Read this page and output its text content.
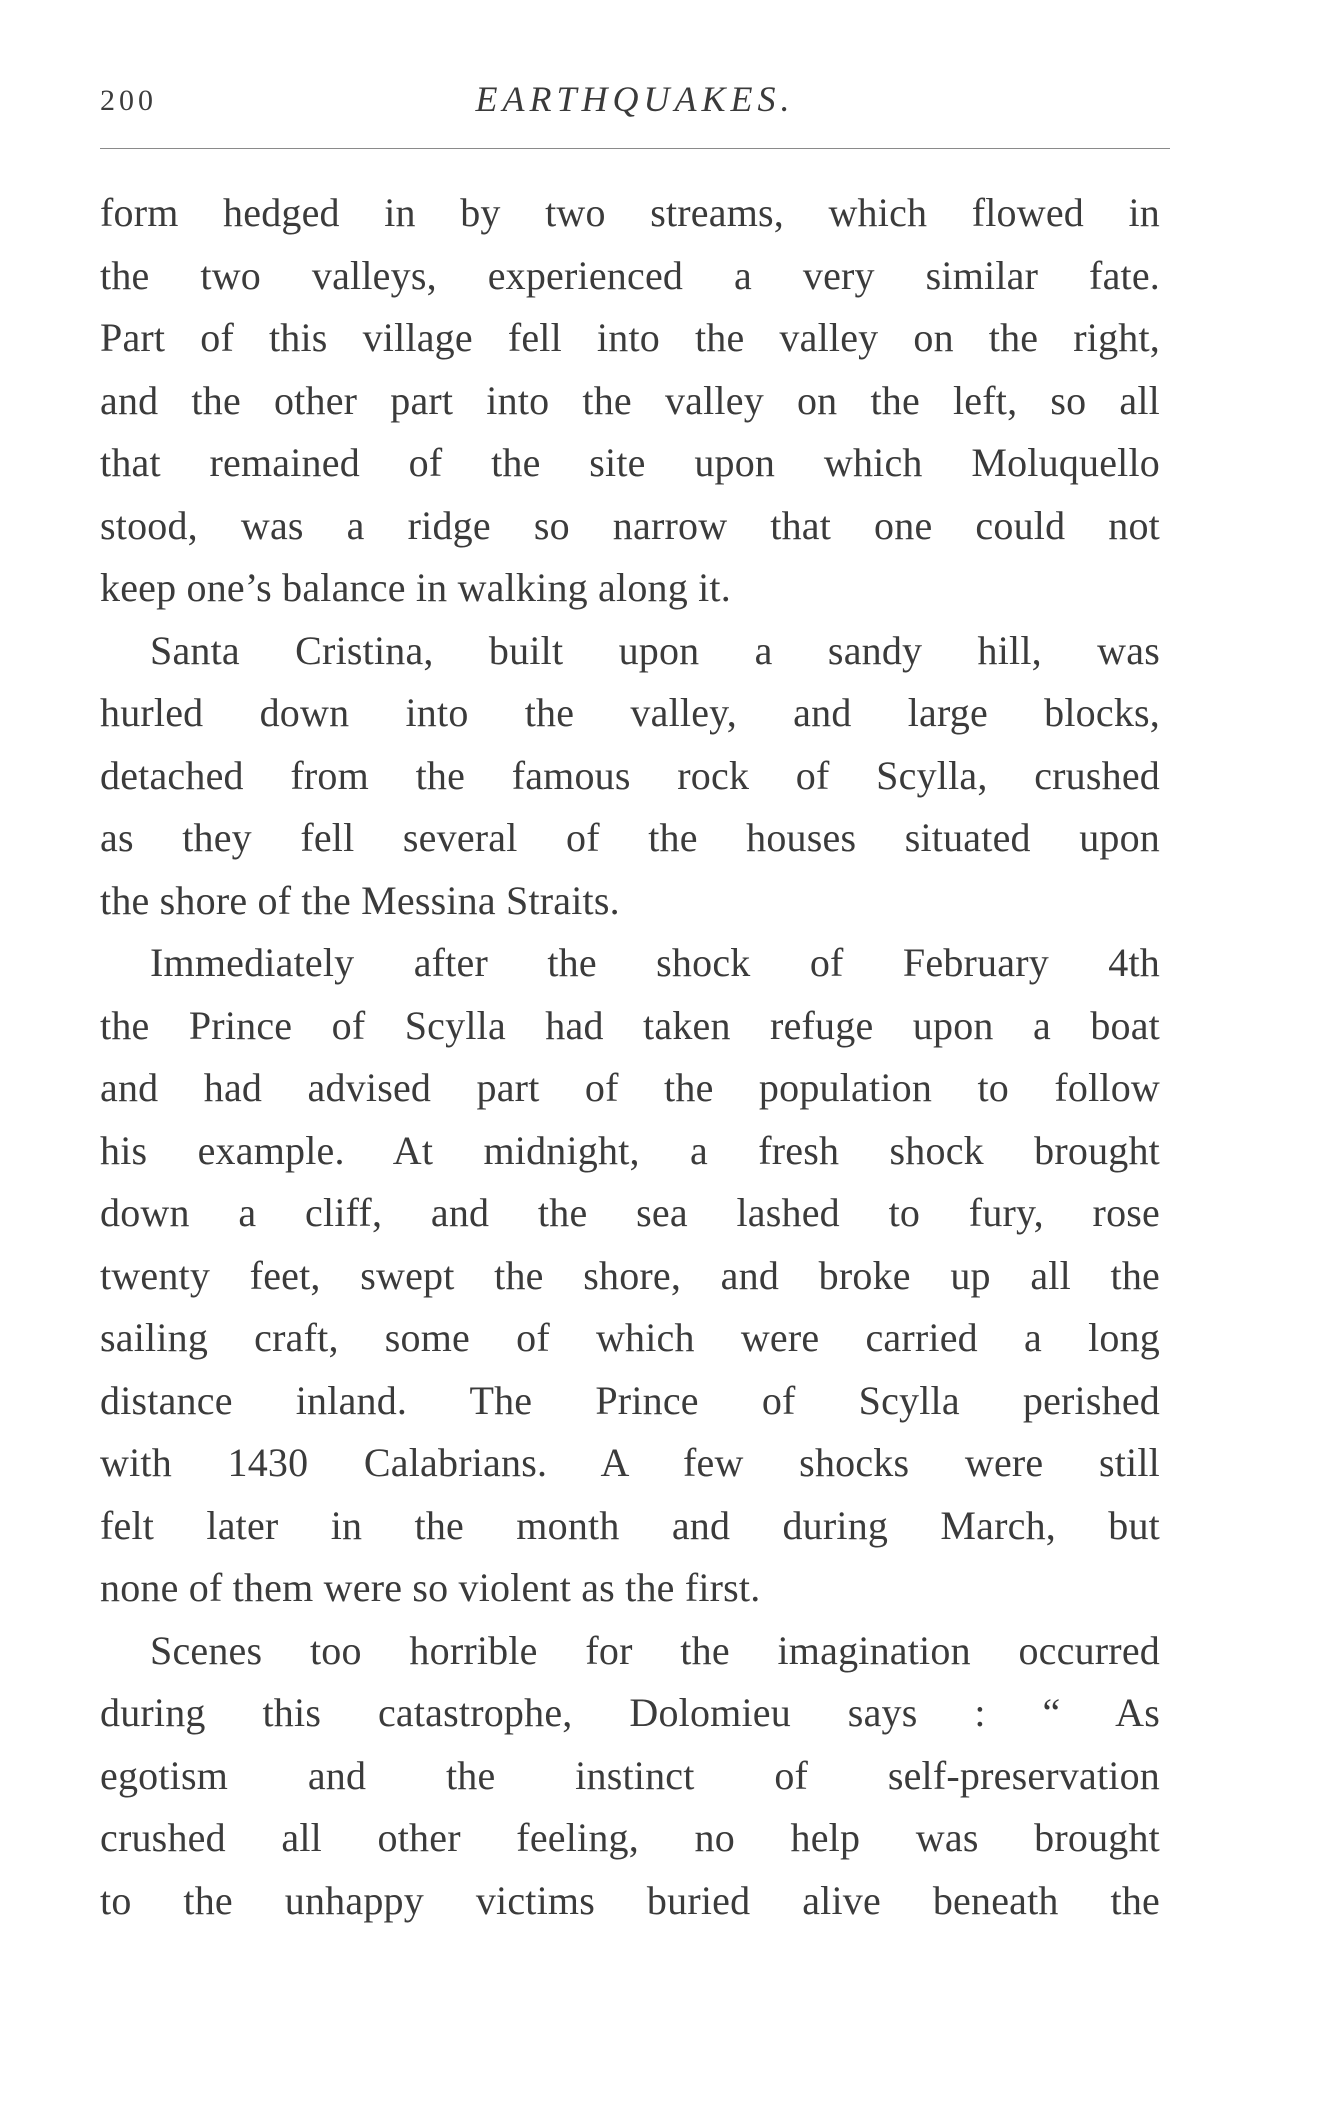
200	EARTHQUAKES.
form hedged in by two streams, which flowed in
the two valleys, experienced a very similar fate.
Part of this village fell into the valley on the right,
and the other part into the valley on the left, so all
that remained of the site upon which Moluquello
stood, was a ridge so narrow that one could not
keep one’s balance in walking along it.
Santa Cristina, built upon a sandy hill, was
hurled down into the valley, and large blocks,
detached from the famous rock of Scylla, crushed
as they fell several of the houses situated upon
the shore of the Messina Straits.
Immediately after the shock of February 4th
the Prince of Scylla had taken refuge upon a boat
and had advised part of the population to follow
his example. At midnight, a fresh shock brought
down a cliff, and the sea lashed to fury, rose
twenty feet, swept the shore, and broke up all the
sailing craft, some of which were carried a long
distance inland. The Prince of Scylla perished
with 1430 Calabrians. A few shocks were still
felt later in the month and during March, but
none of them were so violent as the first.
Scenes too horrible for the imagination occurred
during this catastrophe, Dolomieu says : “ As
egotism and the instinct of self-preservation
crushed all other feeling, no help was brought
to the unhappy victims buried alive beneath the
